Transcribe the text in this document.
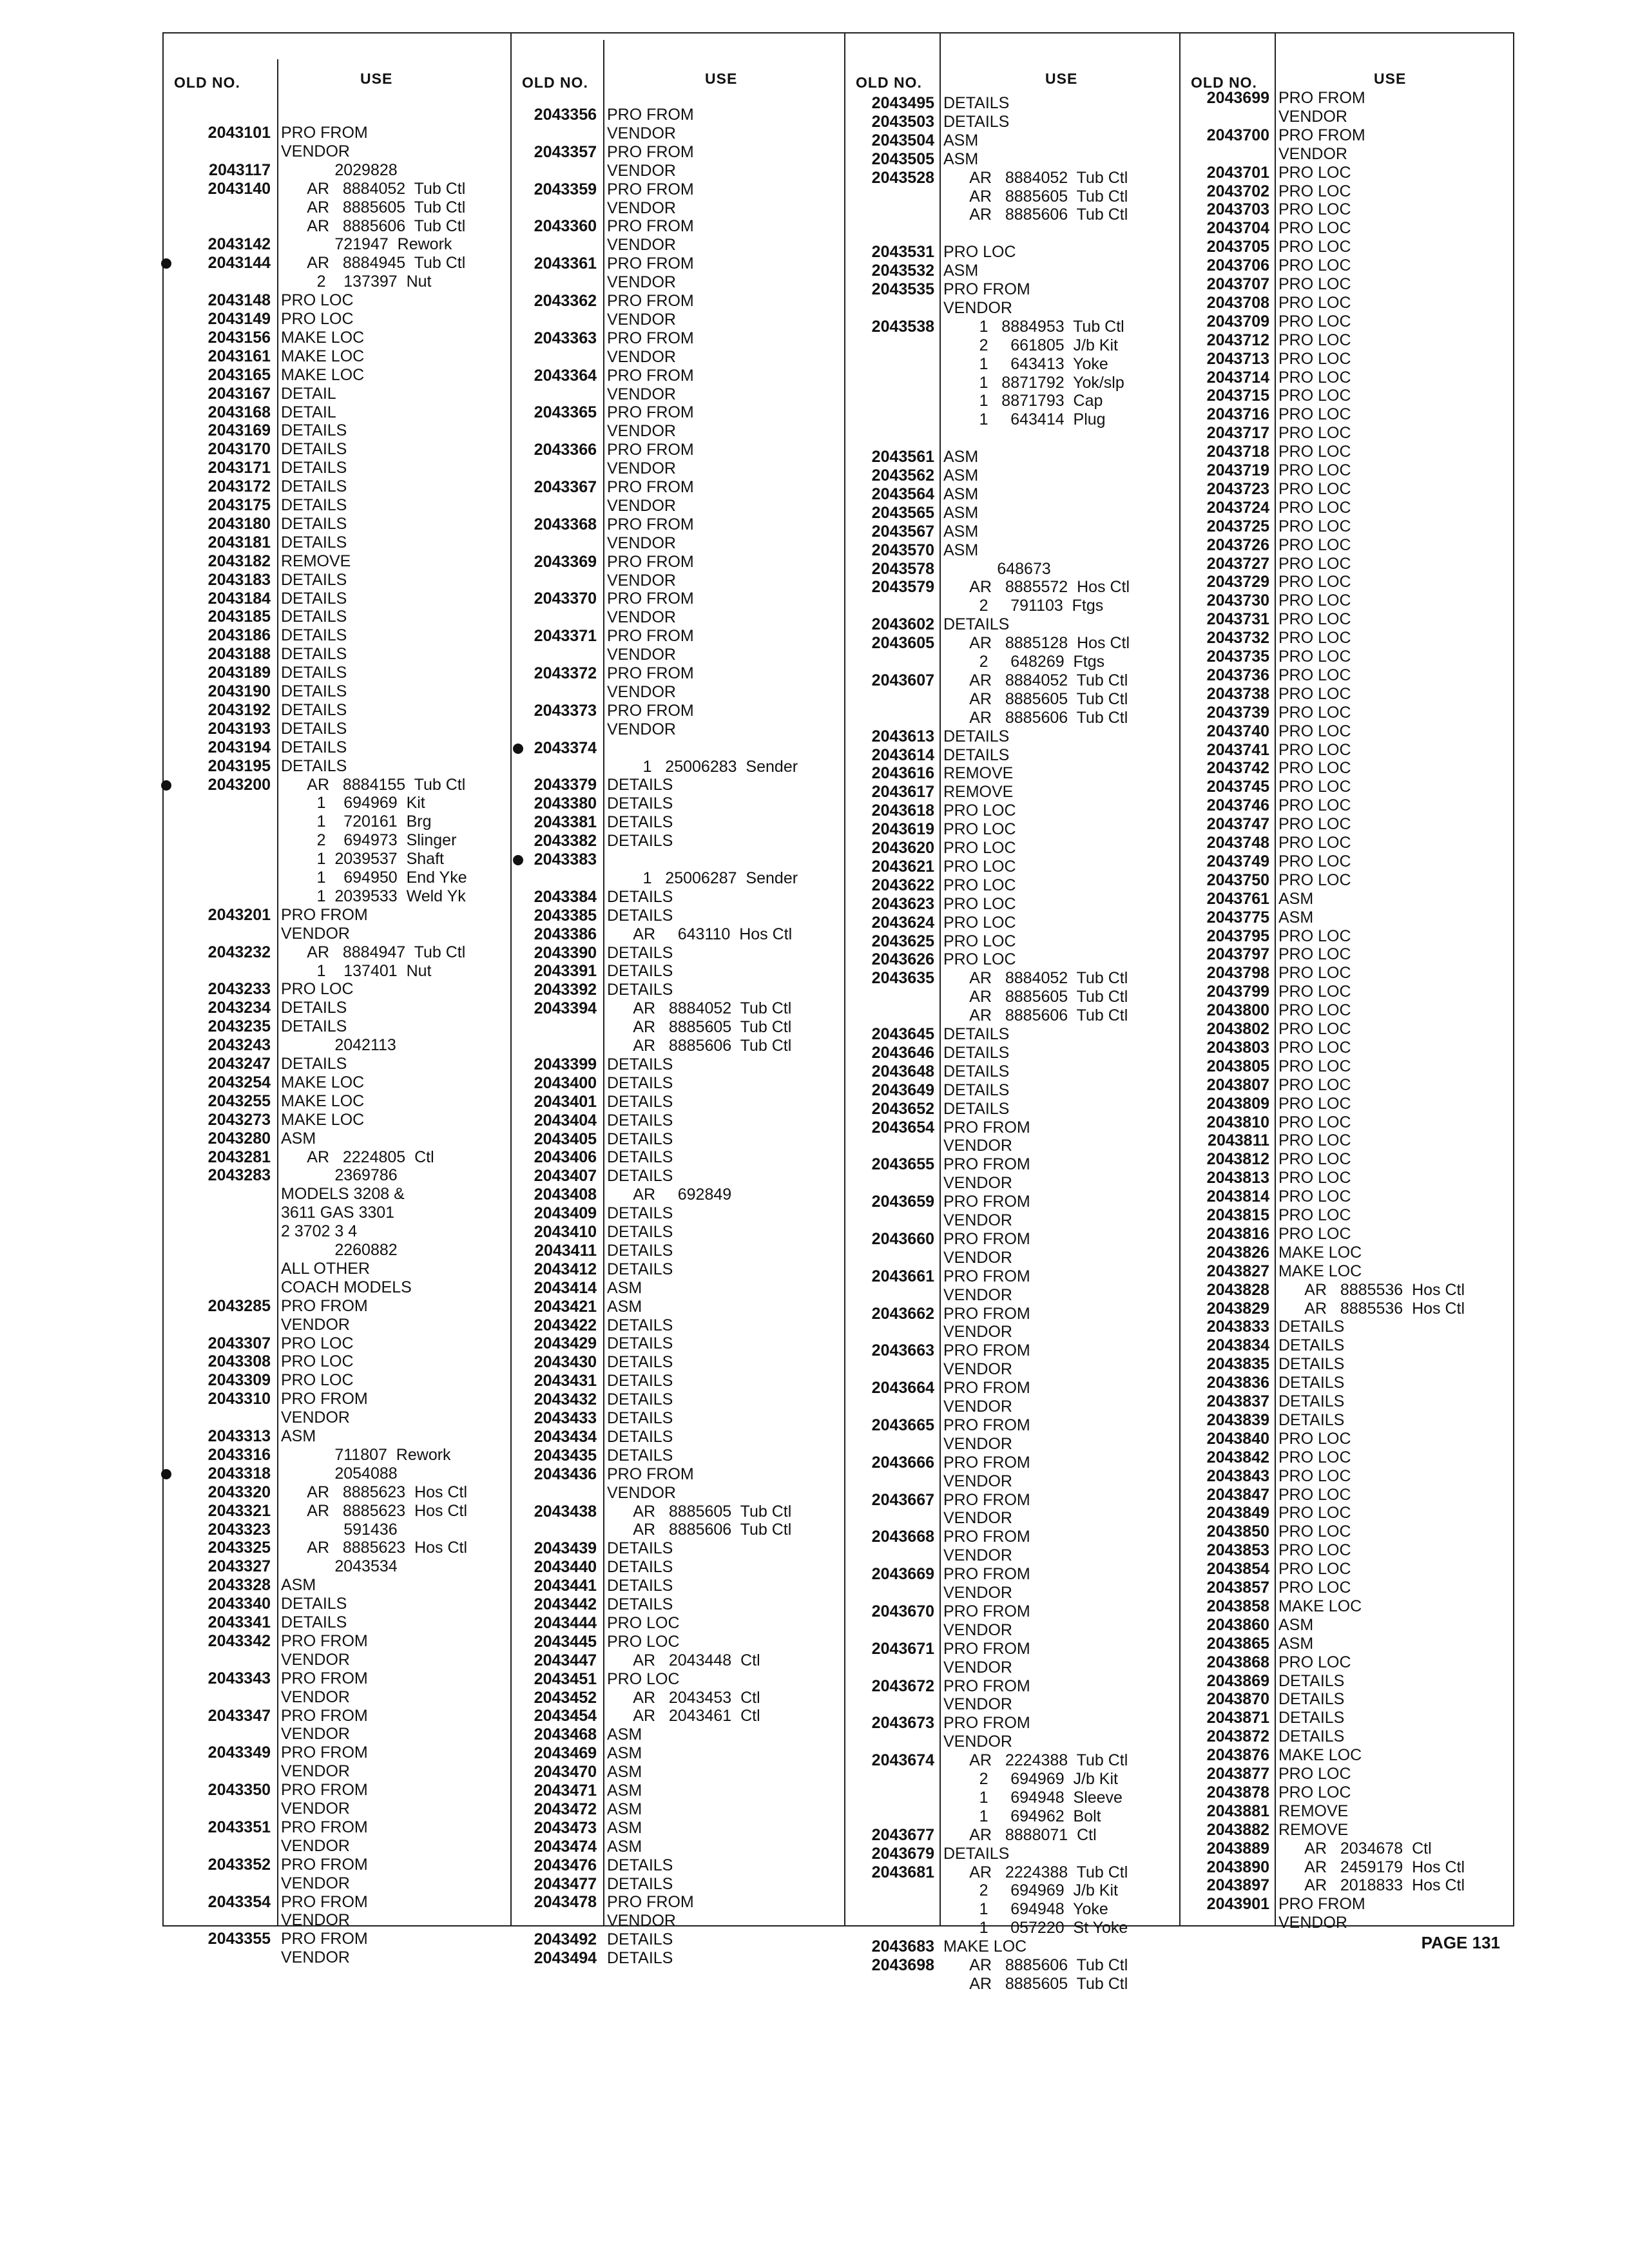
OLD NO.	USE
2043101 PRO FROM
VENDOR
2043117 2029828
2043140 AR   8884052  Tub Ctl
AR   8885605  Tub Ctl
AR   8885606  Tub Ctl
2043142 721947  Rework
2043144 AR   8884945  Tub Ctl
2    137397  Nut
2043148 PRO LOC
2043149 PRO LOC
2043156 MAKE LOC
2043161 MAKE LOC
2043165 MAKE LOC
2043167 DETAIL
2043168 DETAIL
2043169 DETAILS
2043170 DETAILS
2043171 DETAILS
2043172 DETAILS
2043175 DETAILS
2043180 DETAILS
2043181 DETAILS
2043182 REMOVE
2043183 DETAILS
2043184 DETAILS
2043185 DETAILS
2043186 DETAILS
2043188 DETAILS
2043189 DETAILS
2043190 DETAILS
2043192 DETAILS
2043193 DETAILS
2043194 DETAILS
2043195 DETAILS
2043200 AR   8884155  Tub Ctl
1    694969  Kit
1    720161  Brg
2    694973  Slinger
1  2039537  Shaft
1    694950  End Yke
1  2039533  Weld Yk
2043201 PRO FROM
VENDOR
2043232 AR   8884947  Tub Ctl
1    137401  Nut
2043233 PRO LOC
2043234 DETAILS
2043235 DETAILS
2043243 2042113
2043247 DETAILS
2043254 MAKE LOC
2043255 MAKE LOC
2043273 MAKE LOC
2043280 ASM
2043281 AR   2224805  Ctl
2043283 2369786
MODELS 3208 &
3611 GAS 3301
2 3702 3 4
2260882
ALL OTHER
COACH MODELS
2043285 PRO FROM
VENDOR
2043307 PRO LOC
2043308 PRO LOC
2043309 PRO LOC
2043310 PRO FROM
VENDOR
2043313 ASM
2043316 711807  Rework
2043318 2054088
2043320 AR   8885623  Hos Ctl
2043321 AR   8885623  Hos Ctl
2043323 591436
2043325 AR   8885623  Hos Ctl
2043327 2043534
2043328 ASM
2043340 DETAILS
2043341 DETAILS
2043342 PRO FROM
VENDOR
2043343 PRO FROM
VENDOR
2043347 PRO FROM
VENDOR
2043349 PRO FROM
VENDOR
2043350 PRO FROM
VENDOR
2043351 PRO FROM
VENDOR
2043352 PRO FROM
VENDOR
2043354 PRO FROM
VENDOR
2043355 PRO FROM
VENDOR
OLD NO.	USE
2043356 PRO FROM
VENDOR
2043357 PRO FROM
VENDOR
2043359 PRO FROM
VENDOR
2043360 PRO FROM
VENDOR
2043361 PRO FROM
VENDOR
2043362 PRO FROM
VENDOR
2043363 PRO FROM
VENDOR
2043364 PRO FROM
VENDOR
2043365 PRO FROM
VENDOR
2043366 PRO FROM
VENDOR
2043367 PRO FROM
VENDOR
2043368 PRO FROM
VENDOR
2043369 PRO FROM
VENDOR
2043370 PRO FROM
VENDOR
2043371 PRO FROM
VENDOR
2043372 PRO FROM
VENDOR
2043373 PRO FROM
VENDOR
2043374
1   25006283  Sender
2043379 DETAILS
2043380 DETAILS
2043381 DETAILS
2043382 DETAILS
2043383
1   25006287  Sender
2043384 DETAILS
2043385 DETAILS
2043386 AR     643110  Hos Ctl
2043390 DETAILS
2043391 DETAILS
2043392 DETAILS
2043394 AR   8884052  Tub Ctl
AR   8885605  Tub Ctl
AR   8885606  Tub Ctl
2043399 DETAILS
2043400 DETAILS
2043401 DETAILS
2043404 DETAILS
2043405 DETAILS
2043406 DETAILS
2043407 DETAILS
2043408 AR     692849
2043409 DETAILS
2043410 DETAILS
2043411 DETAILS
2043412 DETAILS
2043414 ASM
2043421 ASM
2043422 DETAILS
2043429 DETAILS
2043430 DETAILS
2043431 DETAILS
2043432 DETAILS
2043433 DETAILS
2043434 DETAILS
2043435 DETAILS
2043436 PRO FROM
VENDOR
2043438 AR   8885605  Tub Ctl
AR   8885606  Tub Ctl
2043439 DETAILS
2043440 DETAILS
2043441 DETAILS
2043442 DETAILS
2043444 PRO LOC
2043445 PRO LOC
2043447 AR   2043448  Ctl
2043451 PRO LOC
2043452 AR   2043453  Ctl
2043454 AR   2043461  Ctl
2043468 ASM
2043469 ASM
2043470 ASM
2043471 ASM
2043472 ASM
2043473 ASM
2043474 ASM
2043476 DETAILS
2043477 DETAILS
2043478 PRO FROM
VENDOR
2043492 DETAILS
2043494 DETAILS
OLD NO.	USE
2043495 DETAILS
2043503 DETAILS
2043504 ASM
2043505 ASM
2043528 AR   8884052  Tub Ctl
AR   8885605  Tub Ctl
AR   8885606  Tub Ctl
2043531 PRO LOC
2043532 ASM
2043535 PRO FROM
VENDOR
2043538 1   8884953  Tub Ctl
2     661805  J/b Kit
1     643413  Yoke
1   8871792  Yok/slp
1   8871793  Cap
1     643414  Plug
2043561 ASM
2043562 ASM
2043564 ASM
2043565 ASM
2043567 ASM
2043570 ASM
2043578 648673
2043579 AR   8885572  Hos Ctl
2     791103  Ftgs
2043602 DETAILS
2043605 AR   8885128  Hos Ctl
2     648269  Ftgs
2043607 AR   8884052  Tub Ctl
AR   8885605  Tub Ctl
AR   8885606  Tub Ctl
2043613 DETAILS
2043614 DETAILS
2043616 REMOVE
2043617 REMOVE
2043618 PRO LOC
2043619 PRO LOC
2043620 PRO LOC
2043621 PRO LOC
2043622 PRO LOC
2043623 PRO LOC
2043624 PRO LOC
2043625 PRO LOC
2043626 PRO LOC
2043635 AR   8884052  Tub Ctl
AR   8885605  Tub Ctl
AR   8885606  Tub Ctl
2043645 DETAILS
2043646 DETAILS
2043648 DETAILS
2043649 DETAILS
2043652 DETAILS
2043654 PRO FROM
VENDOR
2043655 PRO FROM
VENDOR
2043659 PRO FROM
VENDOR
2043660 PRO FROM
VENDOR
2043661 PRO FROM
VENDOR
2043662 PRO FROM
VENDOR
2043663 PRO FROM
VENDOR
2043664 PRO FROM
VENDOR
2043665 PRO FROM
VENDOR
2043666 PRO FROM
VENDOR
2043667 PRO FROM
VENDOR
2043668 PRO FROM
VENDOR
2043669 PRO FROM
VENDOR
2043670 PRO FROM
VENDOR
2043671 PRO FROM
VENDOR
2043672 PRO FROM
VENDOR
2043673 PRO FROM
VENDOR
2043674 AR   2224388  Tub Ctl
2     694969  J/b Kit
1     694948  Sleeve
1     694962  Bolt
2043677 AR   8888071  Ctl
2043679 DETAILS
2043681 AR   2224388  Tub Ctl
2     694969  J/b Kit
1     694948  Yoke
1     057220  St Yoke
2043683 MAKE LOC
2043698 AR   8885606  Tub Ctl
AR   8885605  Tub Ctl
OLD NO.	USE
2043699 PRO FROM
VENDOR
2043700 PRO FROM
VENDOR
2043701 PRO LOC
2043702 PRO LOC
2043703 PRO LOC
2043704 PRO LOC
2043705 PRO LOC
2043706 PRO LOC
2043707 PRO LOC
2043708 PRO LOC
2043709 PRO LOC
2043712 PRO LOC
2043713 PRO LOC
2043714 PRO LOC
2043715 PRO LOC
2043716 PRO LOC
2043717 PRO LOC
2043718 PRO LOC
2043719 PRO LOC
2043723 PRO LOC
2043724 PRO LOC
2043725 PRO LOC
2043726 PRO LOC
2043727 PRO LOC
2043729 PRO LOC
2043730 PRO LOC
2043731 PRO LOC
2043732 PRO LOC
2043735 PRO LOC
2043736 PRO LOC
2043738 PRO LOC
2043739 PRO LOC
2043740 PRO LOC
2043741 PRO LOC
2043742 PRO LOC
2043745 PRO LOC
2043746 PRO LOC
2043747 PRO LOC
2043748 PRO LOC
2043749 PRO LOC
2043750 PRO LOC
2043761 ASM
2043775 ASM
2043795 PRO LOC
2043797 PRO LOC
2043798 PRO LOC
2043799 PRO LOC
2043800 PRO LOC
2043802 PRO LOC
2043803 PRO LOC
2043805 PRO LOC
2043807 PRO LOC
2043809 PRO LOC
2043810 PRO LOC
2043811 PRO LOC
2043812 PRO LOC
2043813 PRO LOC
2043814 PRO LOC
2043815 PRO LOC
2043816 PRO LOC
2043826 MAKE LOC
2043827 MAKE LOC
2043828 AR   8885536  Hos Ctl
2043829 AR   8885536  Hos Ctl
2043833 DETAILS
2043834 DETAILS
2043835 DETAILS
2043836 DETAILS
2043837 DETAILS
2043839 DETAILS
2043840 PRO LOC
2043842 PRO LOC
2043843 PRO LOC
2043847 PRO LOC
2043849 PRO LOC
2043850 PRO LOC
2043853 PRO LOC
2043854 PRO LOC
2043857 PRO LOC
2043858 MAKE LOC
2043860 ASM
2043865 ASM
2043868 PRO LOC
2043869 DETAILS
2043870 DETAILS
2043871 DETAILS
2043872 DETAILS
2043876 MAKE LOC
2043877 PRO LOC
2043878 PRO LOC
2043881 REMOVE
2043882 REMOVE
2043889 AR   2034678  Ctl
2043890 AR   2459179  Hos Ctl
2043897 AR   2018833  Hos Ctl
2043901 PRO FROM
VENDOR
PAGE 131
